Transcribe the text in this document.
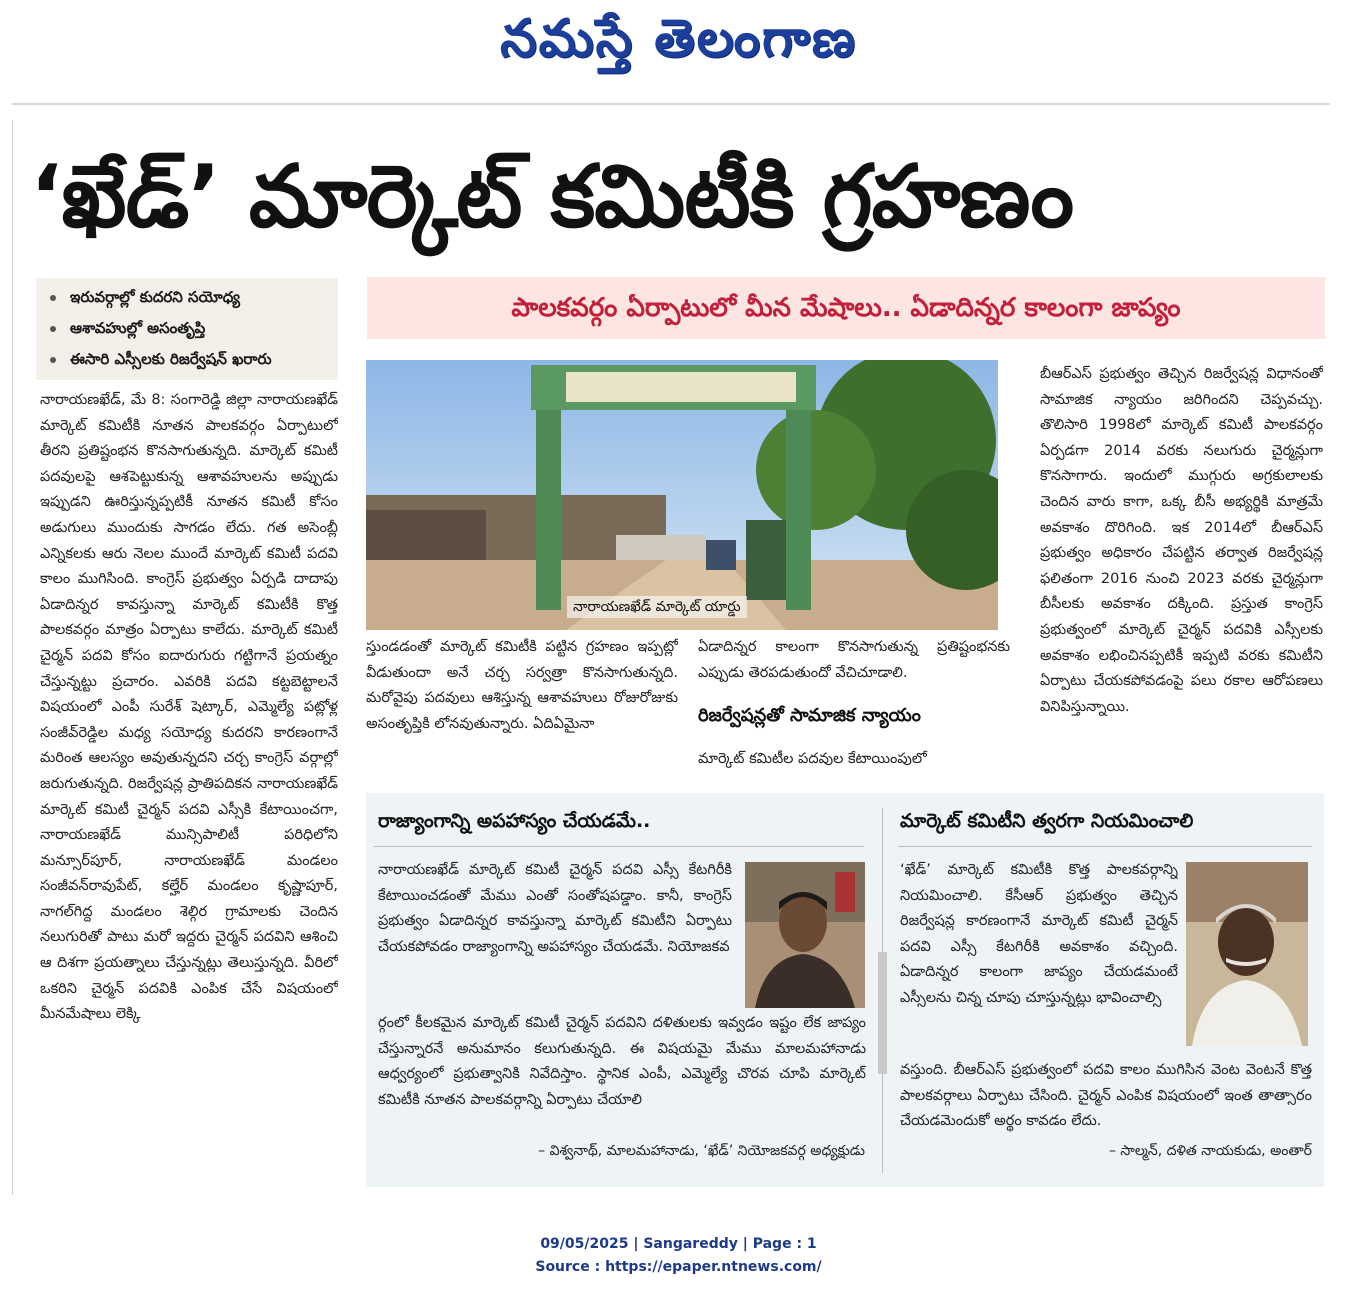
నమస్తే తెలంగాణ
‘ఖేడ్’ మార్కెట్ కమిటీకి గ్రహణం
ఇరువర్గాల్లో కుదరని సయోధ్య
ఆశావహుల్లో అసంతృప్తి
ఈసారి ఎస్సీలకు రిజర్వేషన్ ఖరారు
పాలకవర్గం ఏర్పాటులో మీన మేషాలు.. ఏడాదిన్నర కాలంగా జాప్యం

నారాయణఖేడ్, మే 8: సంగారెడ్డి జిల్లా నారాయణఖేడ్ మార్కెట్ కమిటీకి నూతన పాలకవర్గం ఏర్పాటులో తీరని ప్రతిష్టంభన కొనసాగుతున్నది. మార్కెట్ కమిటీ పదవులపై ఆశపెట్టుకున్న ఆశావహులను అప్పుడు ఇప్పుడని ఊరిస్తున్నప్పటికీ నూతన కమిటీ కోసం అడుగులు ముందుకు సాగడం లేదు. గత అసెంబ్లీ ఎన్నికలకు ఆరు నెలల ముందే మార్కెట్ కమిటీ పదవి కాలం ముగిసింది. కాంగ్రెస్ ప్రభుత్వం ఏర్పడి దాదాపు ఏడాదిన్నర కావస్తున్నా మార్కెట్ కమిటీకి కొత్త పాలకవర్గం మాత్రం ఏర్పాటు కాలేదు. మార్కెట్ కమిటీ చైర్మన్ పదవి కోసం ఐదారుగురు గట్టిగానే ప్రయత్నం చేస్తున్నట్టు ప్రచారం. ఎవరికి పదవి కట్టబెట్టాలనే విషయంలో ఎంపీ సురేశ్ షెట్కార్, ఎమ్మెల్యే పట్లోళ్ల సంజీవ్‌రెడ్డిల మధ్య సయోధ్య కుదరని కారణంగానే మరింత ఆలస్యం అవుతున్నదని చర్చ కాంగ్రెస్ వర్గాల్లో జరుగుతున్నది. రిజర్వేషన్ల ప్రాతిపదికన నారాయణఖేడ్ మార్కెట్ కమిటీ చైర్మన్ పదవి ఎస్సీకి కేటాయించగా, నారాయణఖేడ్ మున్సిపాలిటీ పరిధిలోని మన్సూర్‌పూర్, నారాయణఖేడ్ మండలం సంజీవన్‌రావుపేట్, కల్హేర్ మండలం కృష్ణాపూర్, నాగల్‌గిద్ద మండలం శెల్గిర గ్రామాలకు చెందిన నలుగురితో పాటు మరో ఇద్దరు చైర్మన్ పదవిని ఆశించి ఆ దిశగా ప్రయత్నాలు చేస్తున్నట్లు తెలుస్తున్నది. వీరిలో ఒకరిని చైర్మన్ పదవికి ఎంపిక చేసే విషయంలో మీనమేషాలు లెక్కి

నారాయణఖేడ్ మార్కెట్ యార్డు

స్తుండడంతో మార్కెట్ కమిటీకి పట్టిన గ్రహణం ఇప్పట్లో వీడుతుందా అనే చర్చ సర్వత్రా కొనసాగుతున్నది. మరోవైపు పదవులు ఆశిస్తున్న ఆశావహులు రోజురోజుకు అసంతృప్తికి లోనవుతున్నారు. ఏదిఏమైనా

ఏడాదిన్నర కాలంగా కొనసాగుతున్న ప్రతిష్టంభనకు ఎప్పుడు తెరపడుతుందో వేచిచూడాలి.

రిజర్వేషన్లతో సామాజిక న్యాయం

మార్కెట్ కమిటీల పదవుల కేటాయింపులో

బీఆర్‌ఎస్ ప్రభుత్వం తెచ్చిన రిజర్వేషన్ల విధానంతో సామాజిక న్యాయం జరిగిందని చెప్పవచ్చు. తొలిసారి 1998లో మార్కెట్ కమిటీ పాలకవర్గం ఏర్పడగా 2014 వరకు నలుగురు చైర్మన్లుగా కొనసాగారు. ఇందులో ముగ్గురు అగ్రకులాలకు చెందిన వారు కాగా, ఒక్క బీసీ అభ్యర్థికి మాత్రమే అవకాశం దొరిగింది. ఇక 2014లో బీఆర్‌ఎస్ ప్రభుత్వం అధికారం చేపట్టిన తర్వాత రిజర్వేషన్ల ఫలితంగా 2016 నుంచి 2023 వరకు చైర్మన్లుగా బీసీలకు అవకాశం దక్కింది. ప్రస్తుత కాంగ్రెస్ ప్రభుత్వంలో మార్కెట్ చైర్మన్ పదవికి ఎస్సీలకు అవకాశం లభించినప్పటికీ ఇప్పటి వరకు కమిటీని ఏర్పాటు చేయకపోవడంపై పలు రకాల ఆరోపణలు వినిపిస్తున్నాయి.

రాజ్యాంగాన్ని అపహాస్యం చేయడమే..

నారాయణఖేడ్ మార్కెట్ కమిటీ చైర్మన్ పదవి ఎస్సీ కేటగిరీకి కేటాయించడంతో మేము ఎంతో సంతోషపడ్డాం. కానీ, కాంగ్రెస్ ప్రభుత్వం ఏడాదిన్నర కావస్తున్నా మార్కెట్ కమిటీని ఏర్పాటు చేయకపోవడం రాజ్యాంగాన్ని అపహాస్యం చేయడమే. నియోజకవ

ర్గంలో కీలకమైన మార్కెట్ కమిటీ చైర్మన్ పదవిని దళితులకు ఇవ్వడం ఇష్టం లేక జాప్యం చేస్తున్నారనే అనుమానం కలుగుతున్నది. ఈ విషయమై మేము మాలమహానాడు ఆధ్వర్యంలో ప్రభుత్వానికి నివేదిస్తాం. స్థానిక ఎంపీ, ఎమ్మెల్యే చొరవ చూపి మార్కెట్ కమిటీకి నూతన పాలకవర్గాన్ని ఏర్పాటు చేయాలి

– విశ్వనాథ్, మాలమహానాడు, ‘ఖేడ్’ నియోజకవర్గ అధ్యక్షుడు
మార్కెట్ కమిటీని త్వరగా నియమించాలి

‘ఖేడ్’ మార్కెట్ కమిటీకి కొత్త పాలకవర్గాన్ని నియమించాలి. కేసీఆర్ ప్రభుత్వం తెచ్చిన రిజర్వేషన్ల కారణంగానే మార్కెట్ కమిటీ చైర్మన్ పదవి ఎస్సీ కేటగిరీకి అవకాశం వచ్చింది. ఏడాదిన్నర కాలంగా జాప్యం చేయడమంటే ఎస్సీలను చిన్న చూపు చూస్తున్నట్లు భావించాల్సి

వస్తుంది. బీఆర్‌ఎస్ ప్రభుత్వంలో పదవి కాలం ముగిసిన వెంట వెంటనే కొత్త పాలకవర్గాలు ఏర్పాటు చేసింది. చైర్మన్ ఎంపిక విషయంలో ఇంత తాత్సారం చేయడమెందుకో అర్థం కావడం లేదు.

– సాల్మన్, దళిత నాయకుడు, అంతార్
09/05/2025 | Sangareddy | Page : 1
Source : https://epaper.ntnews.com/
